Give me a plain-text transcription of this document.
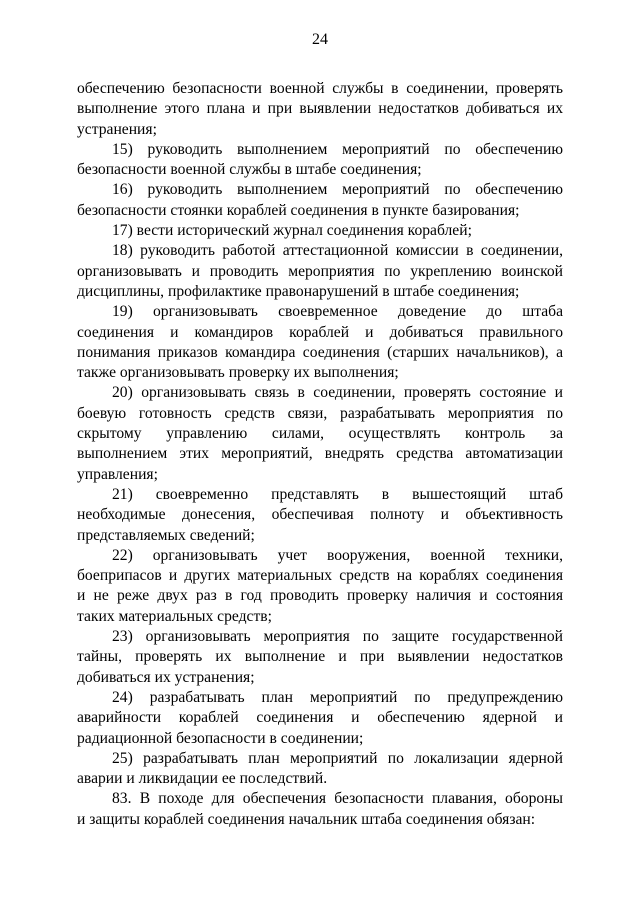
24
обеспечению безопасности военной службы в соединении, проверять
выполнение этого плана и при выявлении недостатков добиваться их
устранения;
15) руководить выполнением мероприятий по обеспечению
безопасности военной службы в штабе соединения;
16) руководить выполнением мероприятий по обеспечению
безопасности стоянки кораблей соединения в пункте базирования;
17) вести исторический журнал соединения кораблей;
18) руководить работой аттестационной комиссии в соединении,
организовывать и проводить мероприятия по укреплению воинской
дисциплины, профилактике правонарушений в штабе соединения;
19) организовывать своевременное доведение до штаба
соединения и командиров кораблей и добиваться правильного
понимания приказов командира соединения (старших начальников), а
также организовывать проверку их выполнения;
20) организовывать связь в соединении, проверять состояние и
боевую готовность средств связи, разрабатывать мероприятия по
скрытому управлению силами, осуществлять контроль за
выполнением этих мероприятий, внедрять средства автоматизации
управления;
21) своевременно представлять в вышестоящий штаб
необходимые донесения, обеспечивая полноту и объективность
представляемых сведений;
22) организовывать учет вооружения, военной техники,
боеприпасов и других материальных средств на кораблях соединения
и не реже двух раз в год проводить проверку наличия и состояния
таких материальных средств;
23) организовывать мероприятия по защите государственной
тайны, проверять их выполнение и при выявлении недостатков
добиваться их устранения;
24) разрабатывать план мероприятий по предупреждению
аварийности кораблей соединения и обеспечению ядерной и
радиационной безопасности в соединении;
25) разрабатывать план мероприятий по локализации ядерной
аварии и ликвидации ее последствий.
83. В походе для обеспечения безопасности плавания, обороны
и защиты кораблей соединения начальник штаба соединения обязан:
